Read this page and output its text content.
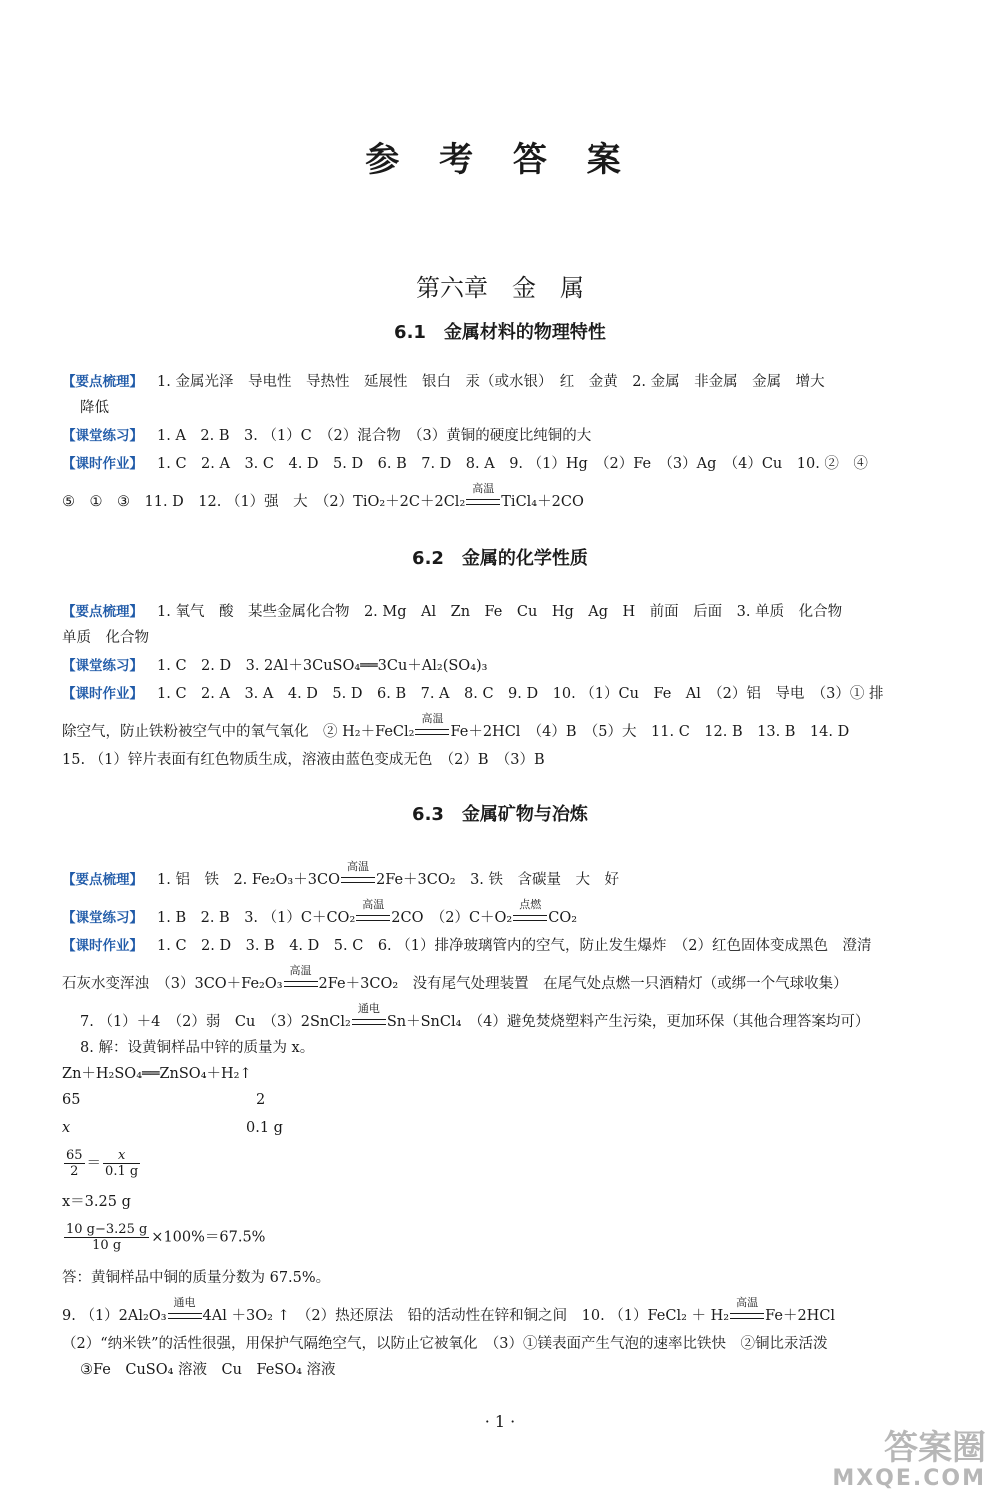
参 考 答 案
第六章　金　属
6.1　金属材料的物理特性
【要点梳理】 1. 金属光泽　导电性　导热性　延展性　银白　汞（或水银）　红　金黄　2. 金属　非金属　金属　增大
降低
【课堂练习】 1. A　2. B　3. （1）C　（2）混合物　（3）黄铜的硬度比纯铜的大
【课时作业】 1. C　2. A　3. C　4. D　5. D　6. B　7. D　8. A　9. （1）Hg　（2）Fe　（3）Ag　（4）Cu　10. ②　④
⑤　①　③　11. D　12. （1）强　大　（2）TiO₂＋2C＋2Cl₂
高温
TiCl₄＋2CO
6.2　金属的化学性质
【要点梳理】 1. 氧气　酸　某些金属化合物　2. Mg　Al　Zn　Fe　Cu　Hg　Ag　H　前面　后面　3. 单质　化合物
单质　化合物
【课堂练习】 1. C　2. D　3. 2Al＋3CuSO₄══3Cu＋Al₂(SO₄)₃
【课时作业】 1. C　2. A　3. A　4. D　5. D　6. B　7. A　8. C　9. D　10. （1）Cu　Fe　Al　（2）铝　导电　（3）① 排
除空气，防止铁粉被空气中的氧气氧化　② H₂＋FeCl₂
高温
Fe＋2HCl　（4）B　（5）大　11. C　12. B　13. B　14. D
15. （1）锌片表面有红色物质生成，溶液由蓝色变成无色　（2）B　（3）B
6.3　金属矿物与冶炼
【要点梳理】 1. 铝　铁　2. Fe₂O₃＋3CO
高温
2Fe＋3CO₂　3. 铁　含碳量　大　好
【课堂练习】 1. B　2. B　3. （1）C＋CO₂
高温
2CO　（2）C＋O₂
点燃
CO₂
【课时作业】 1. C　2. D　3. B　4. D　5. C　6. （1）排净玻璃管内的空气，防止发生爆炸　（2）红色固体变成黑色　澄清
石灰水变浑浊　（3）3CO＋Fe₂O₃
高温
2Fe＋3CO₂　没有尾气处理装置　在尾气处点燃一只酒精灯（或绑一个气球收集）
7. （1）＋4　（2）弱　Cu　（3）2SnCl₂
通电
Sn＋SnCl₄　（4）避免焚烧塑料产生污染，更加环保（其他合理答案均可）
8. 解：设黄铜样品中锌的质量为 x。
Zn＋H₂SO₄══ZnSO₄＋H₂↑
65	2
x	0.1 g
$\frac{65}{2} = \frac{x}{0.1 g}$
x＝3.25 g
$\frac{10 g-3.25 g}{10 g} \times 100\%=67.5\%$
答：黄铜样品中铜的质量分数为 67.5%。
9. （1）2Al₂O₃
通电
4Al ＋3O₂ ↑　（2）热还原法　铅的活动性在锌和铜之间　10. （1）FeCl₂ ＋ H₂
高温
Fe＋2HCl
（2）“纳米铁”的活性很强，用保护气隔绝空气，以防止它被氧化　（3）①镁表面产生气泡的速率比铁快　②铜比汞活泼
③Fe　CuSO₄ 溶液　Cu　FeSO₄ 溶液
· 1 ·
答案圈
MXQE.COM
